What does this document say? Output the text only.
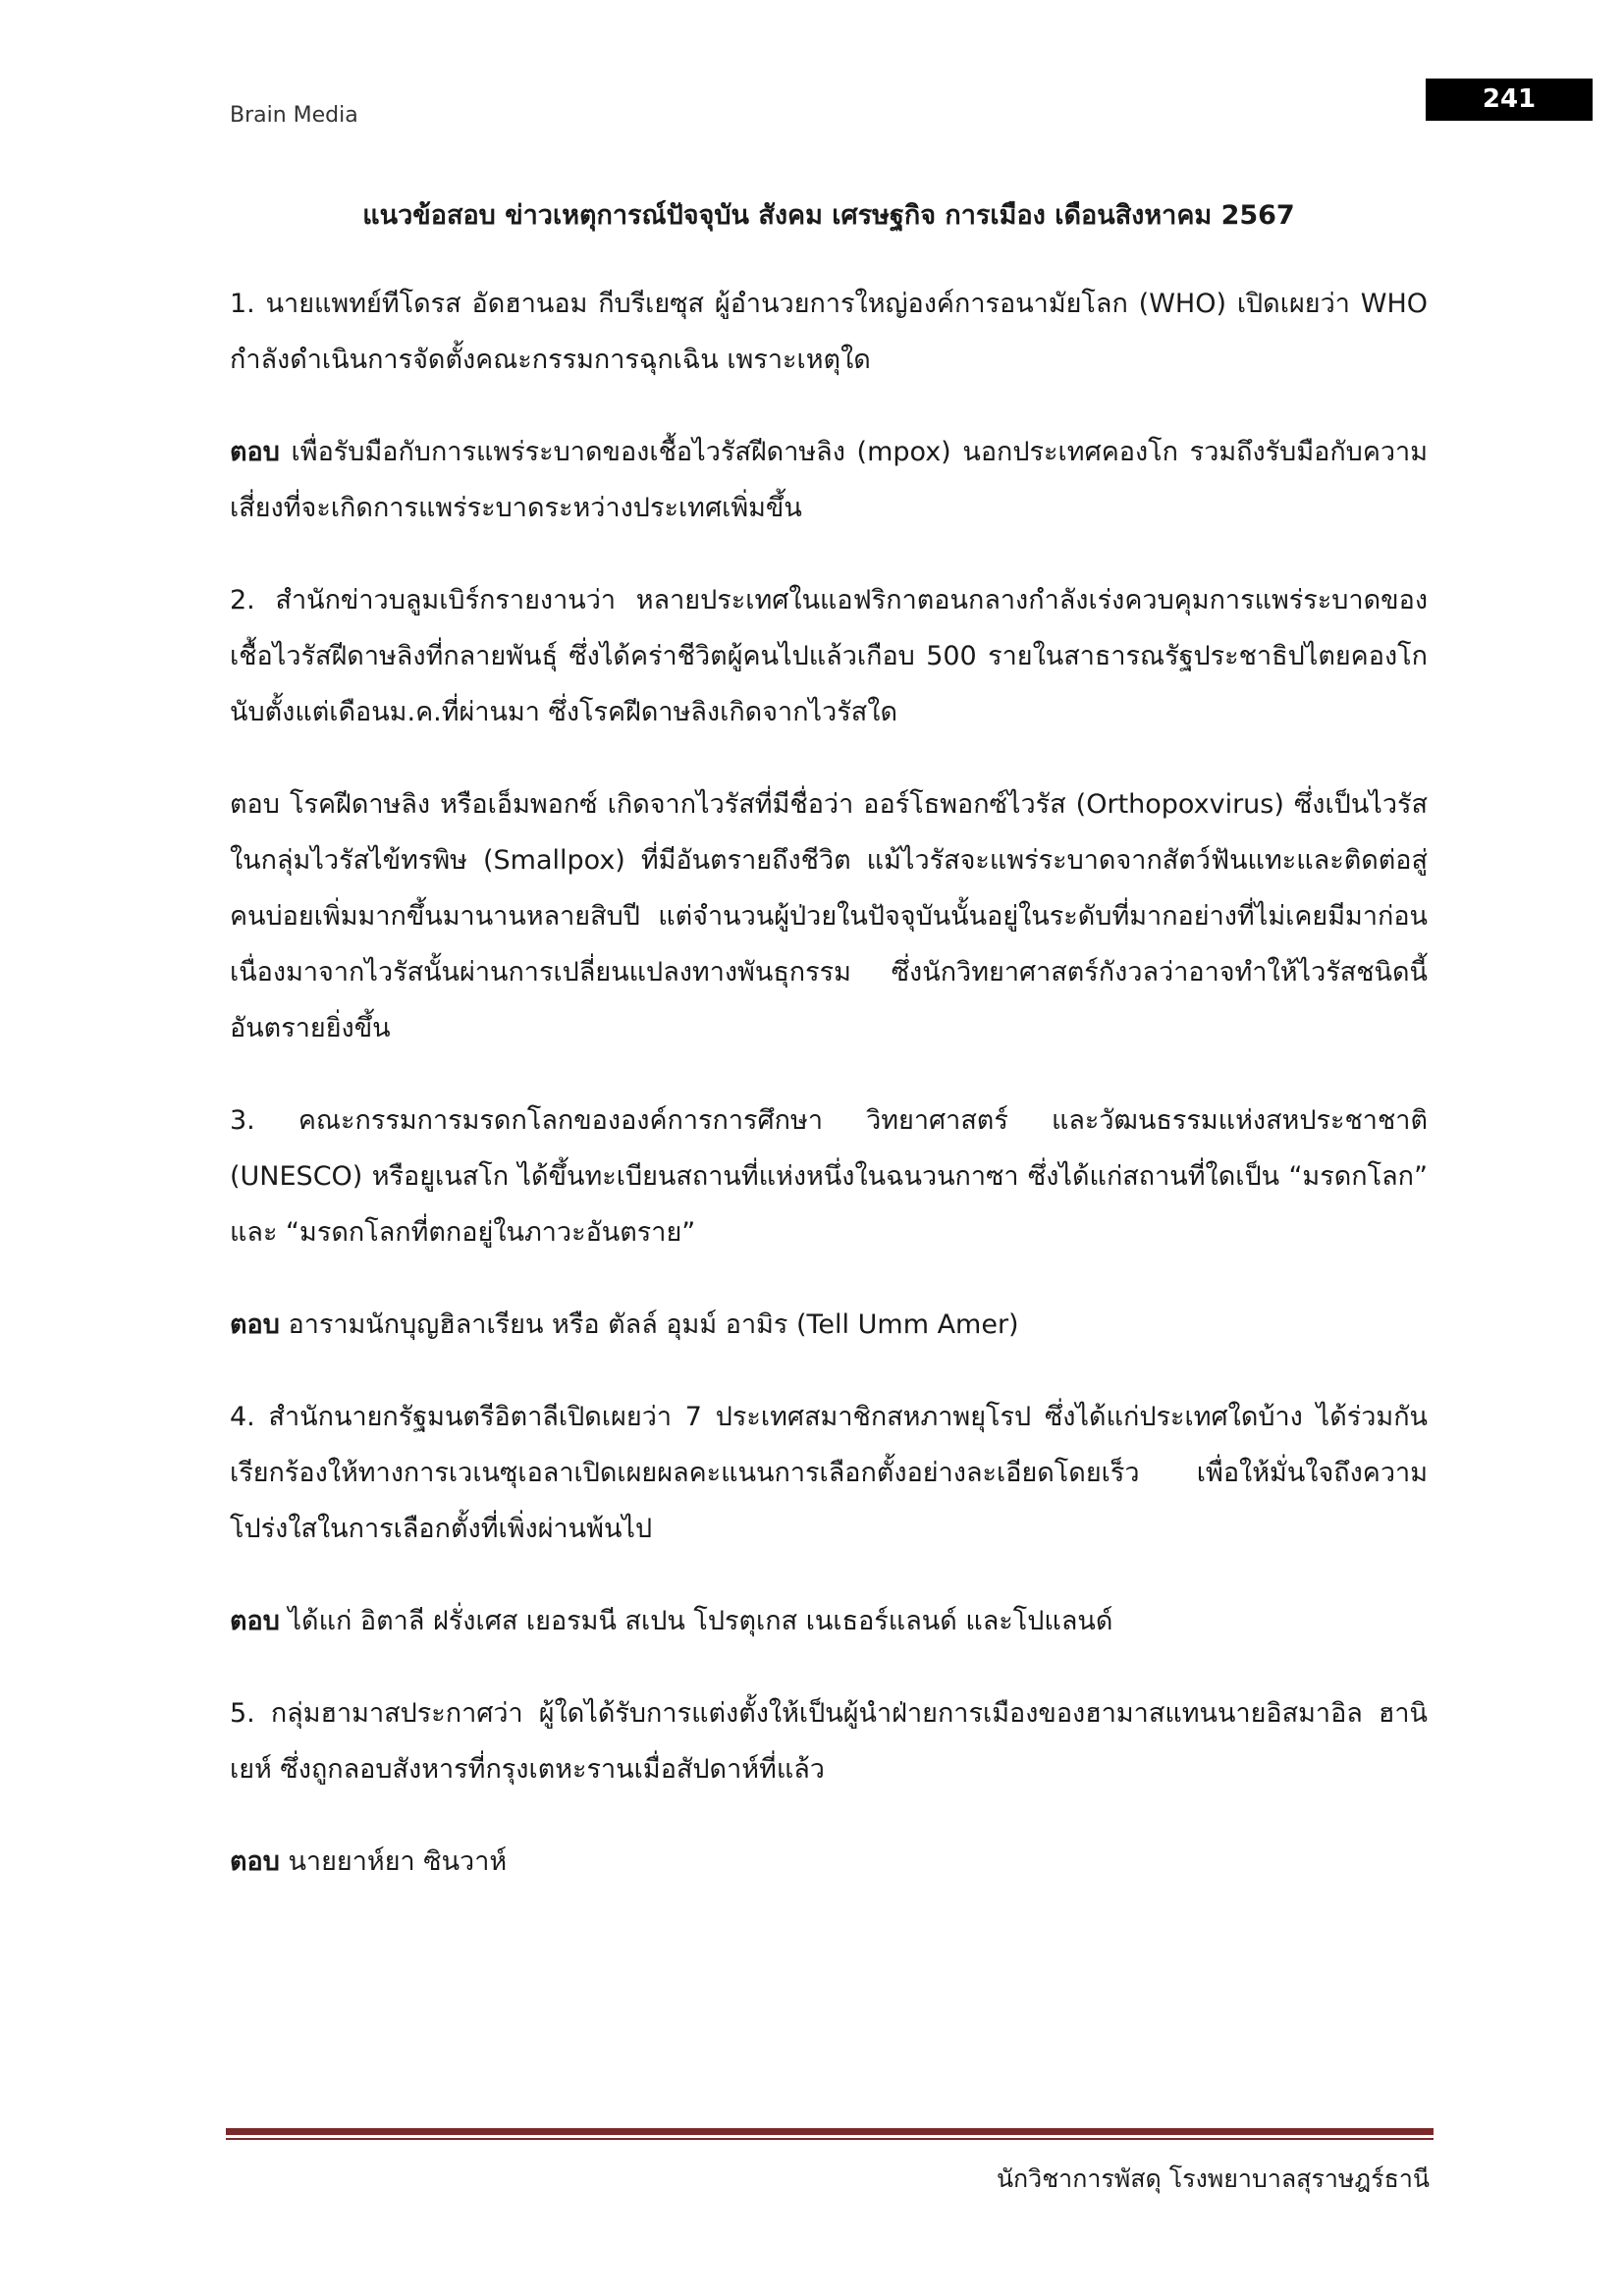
Brain Media
241
แนวข้อสอบ ข่าวเหตุการณ์ปัจจุบัน สังคม เศรษฐกิจ การเมือง เดือนสิงหาคม 2567
1. นายแพทย์ทีโดรส อัดฮานอม กีบรีเยซุส ผู้อำนวยการใหญ่องค์การอนามัยโลก (WHO) เปิดเผยว่า WHO กำลังดำเนินการจัดตั้งคณะกรรมการฉุกเฉิน เพราะเหตุใด
ตอบ เพื่อรับมือกับการแพร่ระบาดของเชื้อไวรัสฝีดาษลิง (mpox) นอกประเทศคองโก รวมถึงรับมือกับความเสี่ยงที่จะเกิดการแพร่ระบาดระหว่างประเทศเพิ่มขึ้น
2. สำนักข่าวบลูมเบิร์กรายงานว่า หลายประเทศในแอฟริกาตอนกลางกำลังเร่งควบคุมการแพร่ระบาดของเชื้อไวรัสฝีดาษลิงที่กลายพันธุ์ ซึ่งได้คร่าชีวิตผู้คนไปแล้วเกือบ 500 รายในสาธารณรัฐประชาธิปไตยคองโก นับตั้งแต่เดือนม.ค.ที่ผ่านมา ซึ่งโรคฝีดาษลิงเกิดจากไวรัสใด
ตอบ โรคฝีดาษลิง หรือเอ็มพอกซ์ เกิดจากไวรัสที่มีชื่อว่า ออร์โธพอกซ์ไวรัส (Orthopoxvirus) ซึ่งเป็นไวรัสในกลุ่มไวรัสไข้ทรพิษ (Smallpox) ที่มีอันตรายถึงชีวิต แม้ไวรัสจะแพร่ระบาดจากสัตว์ฟันแทะและติดต่อสู่คนบ่อยเพิ่มมากขึ้นมานานหลายสิบปี แต่จำนวนผู้ป่วยในปัจจุบันนั้นอยู่ในระดับที่มากอย่างที่ไม่เคยมีมาก่อน เนื่องมาจากไวรัสนั้นผ่านการเปลี่ยนแปลงทางพันธุกรรม ซึ่งนักวิทยาศาสตร์กังวลว่าอาจทำให้ไวรัสชนิดนี้อันตรายยิ่งขึ้น
3. คณะกรรมการมรดกโลกขององค์การการศึกษา วิทยาศาสตร์ และวัฒนธรรมแห่งสหประชาชาติ (UNESCO) หรือยูเนสโก ได้ขึ้นทะเบียนสถานที่แห่งหนึ่งในฉนวนกาซา ซึ่งได้แก่สถานที่ใดเป็น “มรดกโลก” และ “มรดกโลกที่ตกอยู่ในภาวะอันตราย”
ตอบ อารามนักบุญฮิลาเรียน หรือ ตัลล์ อุมม์ อามิร (Tell Umm Amer)
4. สำนักนายกรัฐมนตรีอิตาลีเปิดเผยว่า 7 ประเทศสมาชิกสหภาพยุโรป ซึ่งได้แก่ประเทศใดบ้าง ได้ร่วมกันเรียกร้องให้ทางการเวเนซุเอลาเปิดเผยผลคะแนนการเลือกตั้งอย่างละเอียดโดยเร็ว เพื่อให้มั่นใจถึงความโปร่งใสในการเลือกตั้งที่เพิ่งผ่านพ้นไป
ตอบ ได้แก่ อิตาลี ฝรั่งเศส เยอรมนี สเปน โปรตุเกส เนเธอร์แลนด์ และโปแลนด์
5. กลุ่มฮามาสประกาศว่า ผู้ใดได้รับการแต่งตั้งให้เป็นผู้นำฝ่ายการเมืองของฮามาสแทนนายอิสมาอิล ฮานิเยห์ ซึ่งถูกลอบสังหารที่กรุงเตหะรานเมื่อสัปดาห์ที่แล้ว
ตอบ นายยาห์ยา ซินวาห์
นักวิชาการพัสดุ โรงพยาบาลสุราษฎร์ธานี
